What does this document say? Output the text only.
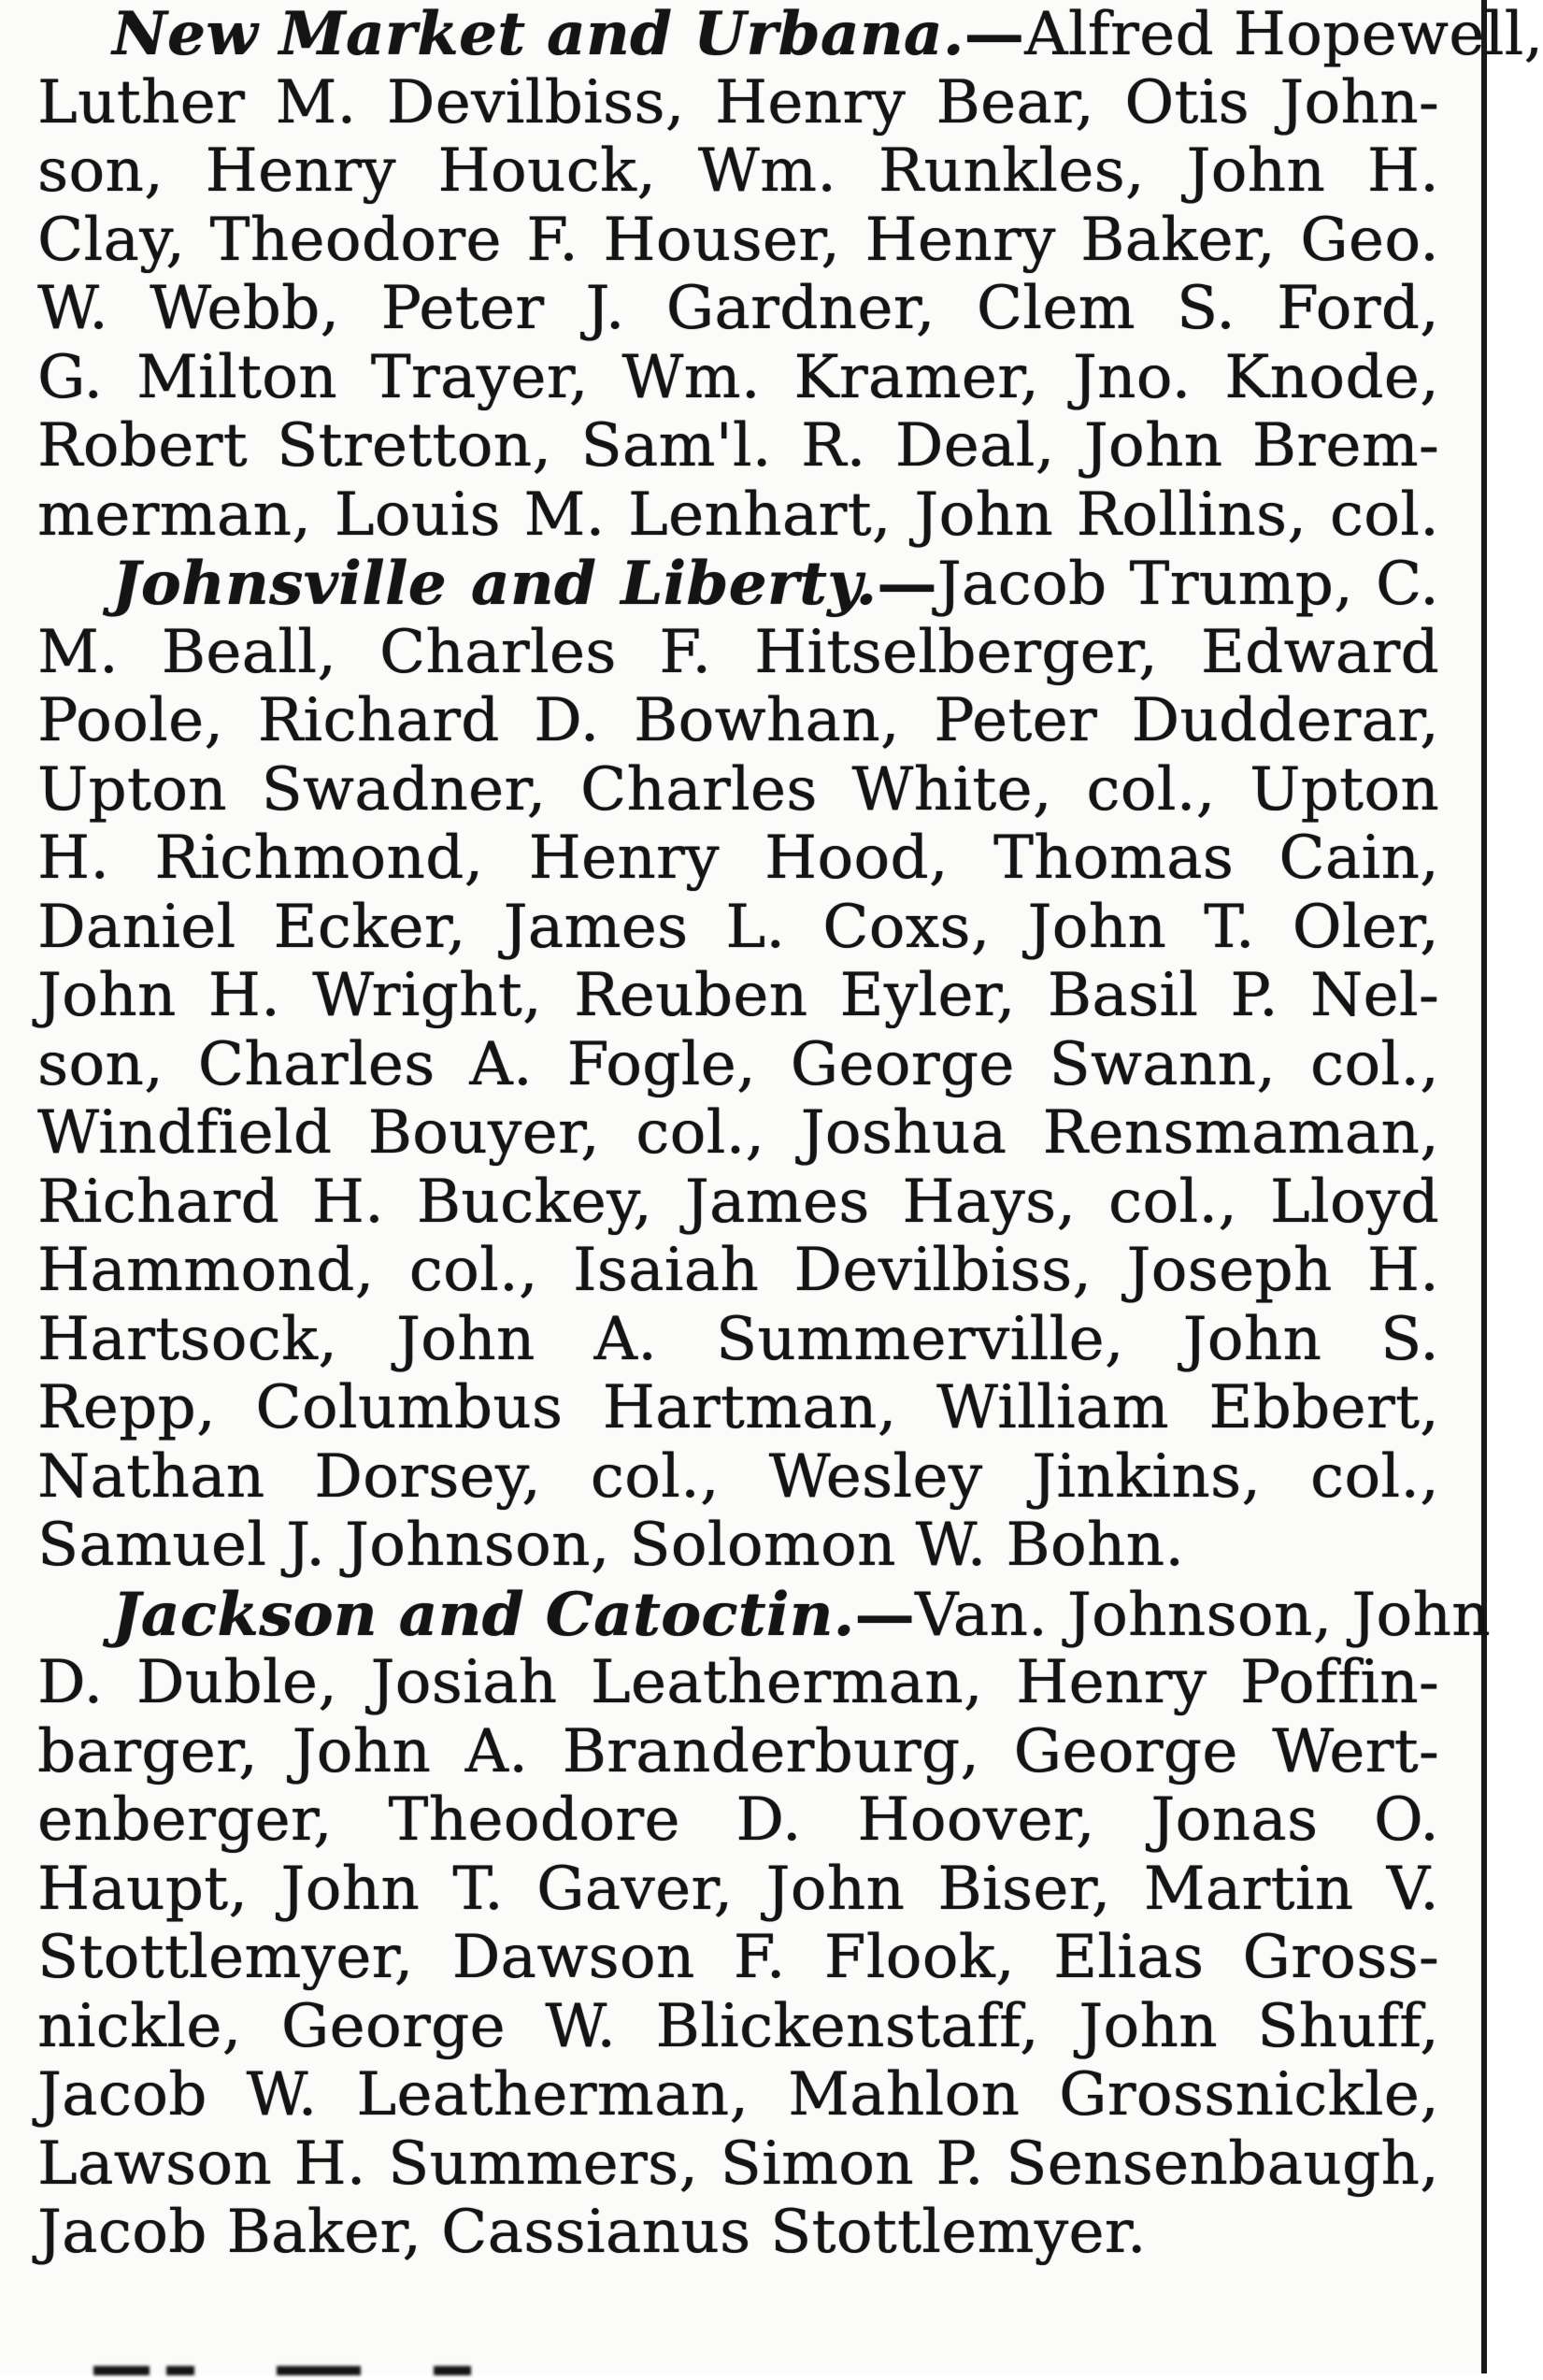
New Market and Urbana.—Alfred Hopewell,
Luther M. Devilbiss, Henry Bear, Otis John-
son, Henry Houck, Wm. Runkles, John H.
Clay, Theodore F. Houser, Henry Baker, Geo.
W. Webb, Peter J. Gardner, Clem S. Ford,
G. Milton Trayer, Wm. Kramer, Jno. Knode,
Robert Stretton, Sam'l. R. Deal, John Brem-
merman, Louis M. Lenhart, John Rollins, col.
Johnsville and Liberty.—Jacob Trump, C.
M. Beall, Charles F. Hitselberger, Edward
Poole, Richard D. Bowhan, Peter Dudderar,
Upton Swadner, Charles White, col., Upton
H. Richmond, Henry Hood, Thomas Cain,
Daniel Ecker, James L. Coxs, John T. Oler,
John H. Wright, Reuben Eyler, Basil P. Nel-
son, Charles A. Fogle, George Swann, col.,
Windfield Bouyer, col., Joshua Rensmaman,
Richard H. Buckey, James Hays, col., Lloyd
Hammond, col., Isaiah Devilbiss, Joseph H.
Hartsock, John A. Summerville, John S.
Repp, Columbus Hartman, William Ebbert,
Nathan Dorsey, col., Wesley Jinkins, col.,
Samuel J. Johnson, Solomon W. Bohn.
Jackson and Catoctin.—Van. Johnson, John
D. Duble, Josiah Leatherman, Henry Poffin-
barger, John A. Branderburg, George Wert-
enberger, Theodore D. Hoover, Jonas O.
Haupt, John T. Gaver, John Biser, Martin V.
Stottlemyer, Dawson F. Flook, Elias Gross-
nickle, George W. Blickenstaff, John Shuff,
Jacob W. Leatherman, Mahlon Grossnickle,
Lawson H. Summers, Simon P. Sensenbaugh,
Jacob Baker, Cassianus Stottlemyer.
